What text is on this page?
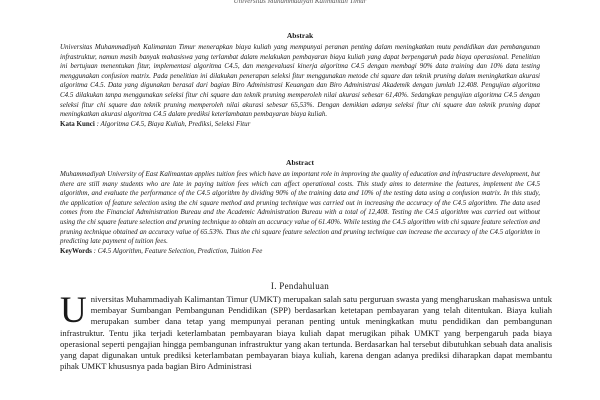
Universitas Muhammadiyah Kalimantan Timur
Abstrak

Universitas Muhammadiyah Kalimantan Timur menerapkan biaya kuliah yang mempunyai peranan penting dalam meningkatkan mutu pendidikan dan pembangunan infrastruktur, namun masih banyak mahasiswa yang terlambat dalam melakukan pembayaran biaya kuliah yang dapat berpengaruh pada biaya operasional. Penelitian ini bertujuan menentukan fitur, implementasi algoritma C4.5, dan mengevaluasi kinerja algoritma C4.5 dengan membagi 90% data training dan 10% data testing menggunakan confusion matrix. Pada penelitian ini dilakukan penerapan seleksi fitur menggunakan metode chi square dan teknik pruning dalam meningkatkan akurasi algoritma C4.5. Data yang digunakan berasal dari bagian Biro Administrasi Keuangan dan Biro Administrasi Akademik dengan jumlah 12.408. Pengujian algoritma C4.5 dilakukan tanpa menggunakan seleksi fitur chi square dan teknik pruning memperoleh nilai akurasi sebesar 61,40%. Sedangkan pengujian algoritma C4.5 dengan seleksi fitur chi square dan teknik pruning memperoleh nilai akurasi sebesar 65,53%. Dengan demikian adanya seleksi fitur chi square dan teknik pruning dapat meningkatkan akurasi algoritma C4.5 dalam prediksi keterlambatan pembayaran biaya kuliah.

Kata Kunci : Algoritma C4.5, Biaya Kuliah, Prediksi, Seleksi Fitur

Abstract

Muhammadiyah University of East Kalimantan applies tuition fees which have an important role in improving the quality of education and infrastructure development, but there are still many students who are late in paying tuition fees which can affect operational costs. This study aims to determine the features, implement the C4.5 algorithm, and evaluate the performance of the C4.5 algorithm by dividing 90% of the training data and 10% of the testing data using a confusion matrix. In this study, the application of feature selection using the chi square method and pruning technique was carried out in increasing the accuracy of the C4.5 algorithm. The data used comes from the Financial Administration Bureau and the Academic Administration Bureau with a total of 12,408. Testing the C4.5 algorithm was carried out without using the chi square feature selection and pruning technique to obtain an accuracy value of 61.40%. While testing the C4.5 algorithm with chi square feature selection and pruning technique obtained an accuracy value of 65.53%. Thus the chi square feature selection and pruning technique can increase the accuracy of the C4.5 algorithm in predicting late payment of tuition fees.

KeyWords : C4.5 Algorithm, Feature Selection, Prediction, Tuition Fee

I. Pendahuluan
U niversitas Muhammadiyah Kalimantan Timur (UMKT) merupakan salah satu perguruan swasta yang mengharuskan mahasiswa untuk membayar Sumbangan Pembangunan Pendidikan (SPP) berdasarkan ketetapan pembayaran yang telah ditentukan. Biaya kuliah merupakan sumber dana tetap yang mempunyai peranan penting untuk meningkatkan mutu pendidikan dan pembangunan infrastruktur. Tentu jika terjadi keterlambatan pembayaran biaya kuliah dapat merugikan pihak UMKT yang berpengaruh pada biaya operasional seperti pengajian hingga pembangunan infrastruktur yang akan tertunda. Berdasarkan hal tersebut dibutuhkan sebuah data analisis yang dapat digunakan untuk prediksi keterlambatan pembayaran biaya kuliah, karena dengan adanya prediksi diharapkan dapat membantu pihak UMKT khususnya pada bagian Biro Administrasi
